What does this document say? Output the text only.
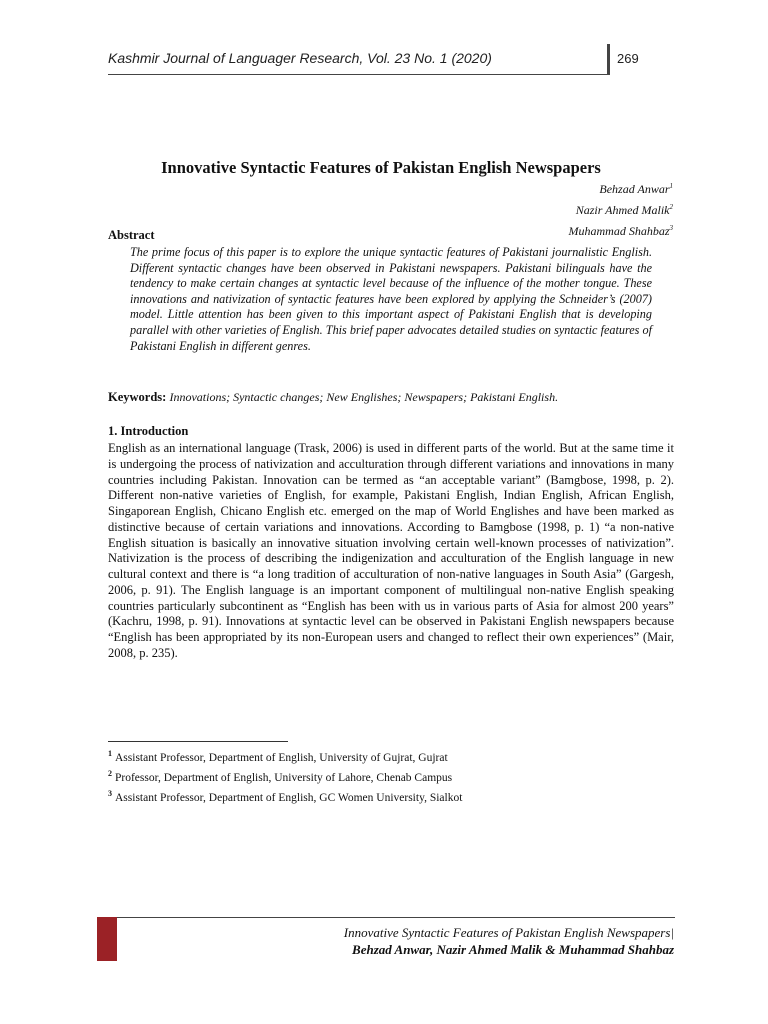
Kashmir Journal of Languager Research, Vol. 23 No. 1 (2020)	269
Innovative Syntactic Features of Pakistan English Newspapers
Behzad Anwar$^1$
Nazir Ahmed Malik$^2$
Muhammad Shahbaz$^3$
Abstract
The prime focus of this paper is to explore the unique syntactic features of Pakistani journalistic English. Different syntactic changes have been observed in Pakistani newspapers. Pakistani bilinguals have the tendency to make certain changes at syntactic level because of the influence of the mother tongue. These innovations and nativization of syntactic features have been explored by applying the Schneider’s (2007) model. Little attention has been given to this important aspect of Pakistani English that is developing parallel with other varieties of English. This brief paper advocates detailed studies on syntactic features of Pakistani English in different genres.
Keywords: Innovations; Syntactic changes; New Englishes; Newspapers; Pakistani English.
1. Introduction
English as an international language (Trask, 2006) is used in different parts of the world. But at the same time it is undergoing the process of nativization and acculturation through different variations and innovations in many countries including Pakistan. Innovation can be termed as “an acceptable variant” (Bamgbose, 1998, p. 2). Different non-native varieties of English, for example, Pakistani English, Indian English, African English, Singaporean English, Chicano English etc. emerged on the map of World Englishes and have been marked as distinctive because of certain variations and innovations. According to Bamgbose (1998, p. 1) “a non-native English situation is basically an innovative situation involving certain well-known processes of nativization”. Nativization is the process of describing the indigenization and acculturation of the English language in new cultural context and there is “a long tradition of acculturation of non-native languages in South Asia” (Gargesh, 2006, p. 91). The English language is an important component of multilingual non-native English speaking countries particularly subcontinent as “English has been with us in various parts of Asia for almost 200 years” (Kachru, 1998, p. 91). Innovations at syntactic level can be observed in Pakistani English newspapers because “English has been appropriated by its non-European users and changed to reflect their own experiences” (Mair, 2008, p. 235).
$^1$ Assistant Professor, Department of English, University of Gujrat, Gujrat
$^2$ Professor, Department of English, University of Lahore, Chenab Campus
$^3$ Assistant Professor, Department of English, GC Women University, Sialkot
Innovative Syntactic Features of Pakistan English Newspapers|
Behzad Anwar, Nazir Ahmed Malik & Muhammad Shahbaz
